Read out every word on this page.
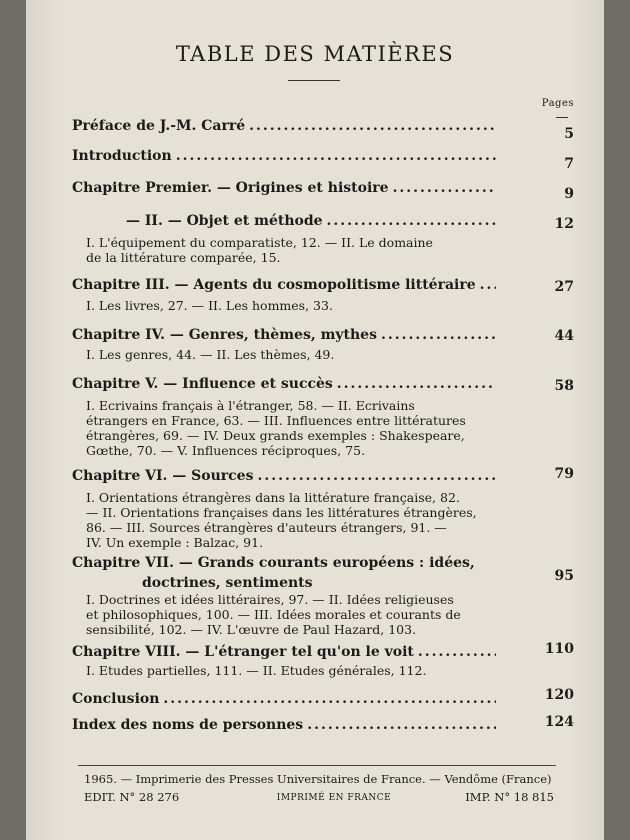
TABLE DES MATIÈRES
Pages
Préface de J.-M. Carré .....	5
Introduction .....	7
Chapitre Premier. — Origines et histoire .....	9
— II. — Objet et méthode .....	12
I. L'équipement du comparatiste, 12. — II. Le domaine
de la littérature comparée, 15.
Chapitre III. — Agents du cosmopolitisme littéraire .....	27
I. Les livres, 27. — II. Les hommes, 33.
Chapitre IV. — Genres, thèmes, mythes .....	44
I. Les genres, 44. — II. Les thèmes, 49.
Chapitre V. — Influence et succès .....	58
I. Ecrivains français à l'étranger, 58. — II. Ecrivains
étrangers en France, 63. — III. Influences entre littératures
étrangères, 69. — IV. Deux grands exemples : Shakespeare,
Gœthe, 70. — V. Influences réciproques, 75.
Chapitre VI. — Sources .....	79
I. Orientations étrangères dans la littérature française, 82.
— II. Orientations françaises dans les littératures étrangères,
86. — III. Sources étrangères d'auteurs étrangers, 91. —
IV. Un exemple : Balzac, 91.
Chapitre VII. — Grands courants européens : idées,
doctrines, sentiments	95
I. Doctrines et idées littéraires, 97. — II. Idées religieuses
et philosophiques, 100. — III. Idées morales et courants de
sensibilité, 102. — IV. L'œuvre de Paul Hazard, 103.
Chapitre VIII. — L'étranger tel qu'on le voit .....	110
I. Etudes partielles, 111. — II. Etudes générales, 112.
Conclusion .....	120
Index des noms de personnes .....	124
1965. — Imprimerie des Presses Universitaires de France. — Vendôme (France)
EDIT. N° 28 276	IMPRIMÉ EN FRANCE	IMP. N° 18 815
